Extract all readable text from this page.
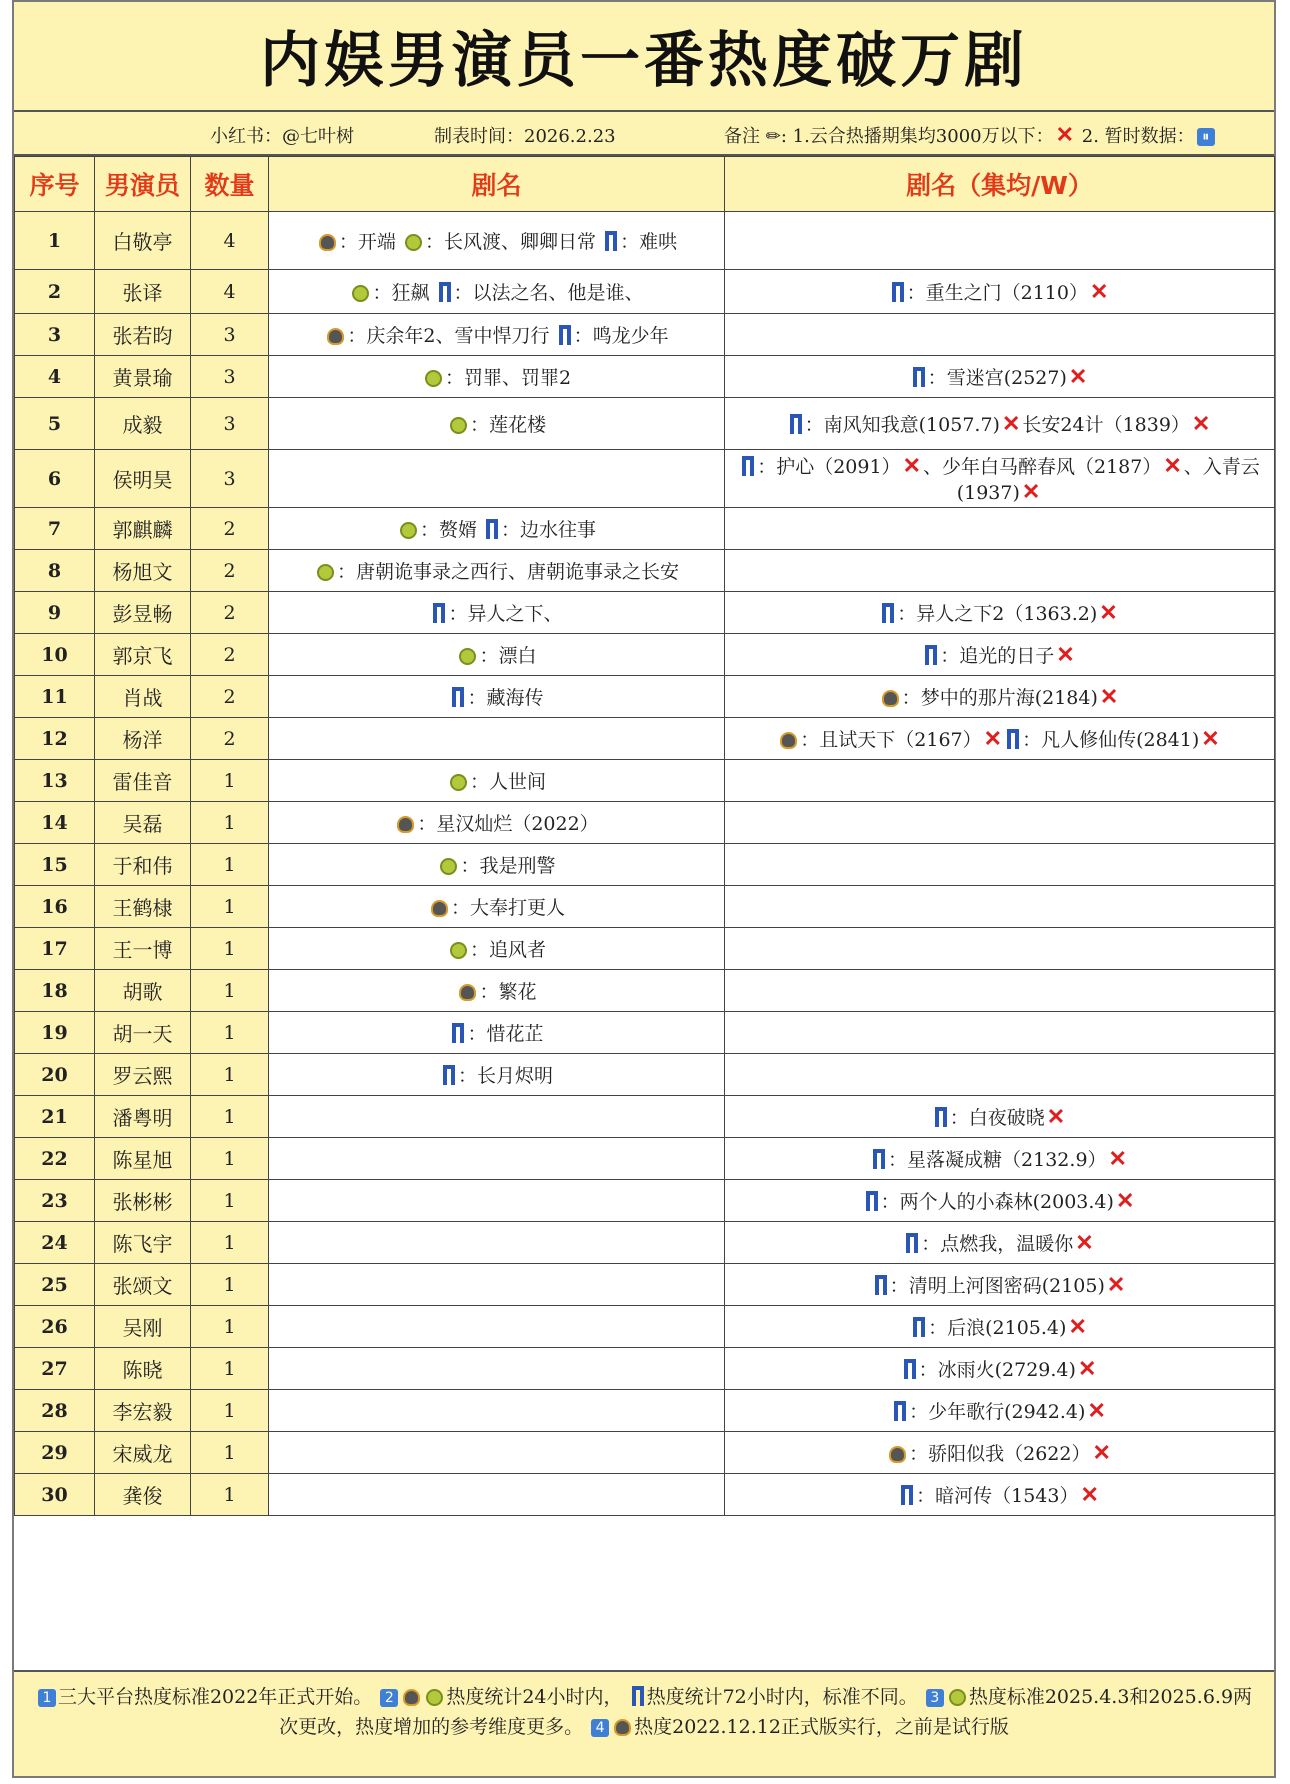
内娱男演员一番热度破万剧
小红书：@七叶树	制表时间：2026.2.23	备注 ✏: 1.云合热播期集均3000万以下：✕ 2. 暂时数据： ⏸
序号	男演员	数量	剧名	剧名（集均/W）
1	白敬亭	4	：开端 ：长风渡、卿卿日常 ：难哄	
2	张译	4	：狂飙 ：以法之名、他是谁、	：重生之门（2110）✕
3	张若昀	3	：庆余年2、雪中悍刀行 ：鸣龙少年	
4	黄景瑜	3	：罚罪、罚罪2	：雪迷宫(2527)✕
5	成毅	3	：莲花楼	：南风知我意(1057.7)✕ 长安24计（1839）✕
6	侯明昊	3		：护心（2091）✕ 、少年白马醉春风（2187）✕ 、入青云(1937)✕
7	郭麒麟	2	：赘婿 ：边水往事	
8	杨旭文	2	：唐朝诡事录之西行、唐朝诡事录之长安	
9	彭昱畅	2	：异人之下、	：异人之下2（1363.2)✕
10	郭京飞	2	：漂白	：追光的日子✕
11	肖战	2	：藏海传	：梦中的那片海(2184)✕
12	杨洋	2		：且试天下（2167）✕ ：凡人修仙传(2841)✕
13	雷佳音	1	：人世间	
14	吴磊	1	：星汉灿烂（2022）	
15	于和伟	1	：我是刑警	
16	王鹤棣	1	：大奉打更人	
17	王一博	1	：追风者	
18	胡歌	1	：繁花	
19	胡一天	1	：惜花芷	
20	罗云熙	1	：长月烬明	
21	潘粤明	1		：白夜破晓✕
22	陈星旭	1		：星落凝成糖（2132.9）✕
23	张彬彬	1		：两个人的小森林(2003.4)✕
24	陈飞宇	1		：点燃我，温暖你✕
25	张颂文	1		：清明上河图密码(2105)✕
26	吴刚	1		：后浪(2105.4)✕
27	陈晓	1		：冰雨火(2729.4)✕
28	李宏毅	1		：少年歌行(2942.4)✕
29	宋威龙	1		：骄阳似我（2622）✕
30	龚俊	1		：暗河传（1543）✕
1 三大平台热度标准2022年正式开始。 2	热度统计24小时内， 热度统计72小时内，标准不同。 3 热度标准2025.4.3和2025.6.9两次更改，热度增加的参考维度更多。 4 热度2022.12.12正式版实行，之前是试行版
